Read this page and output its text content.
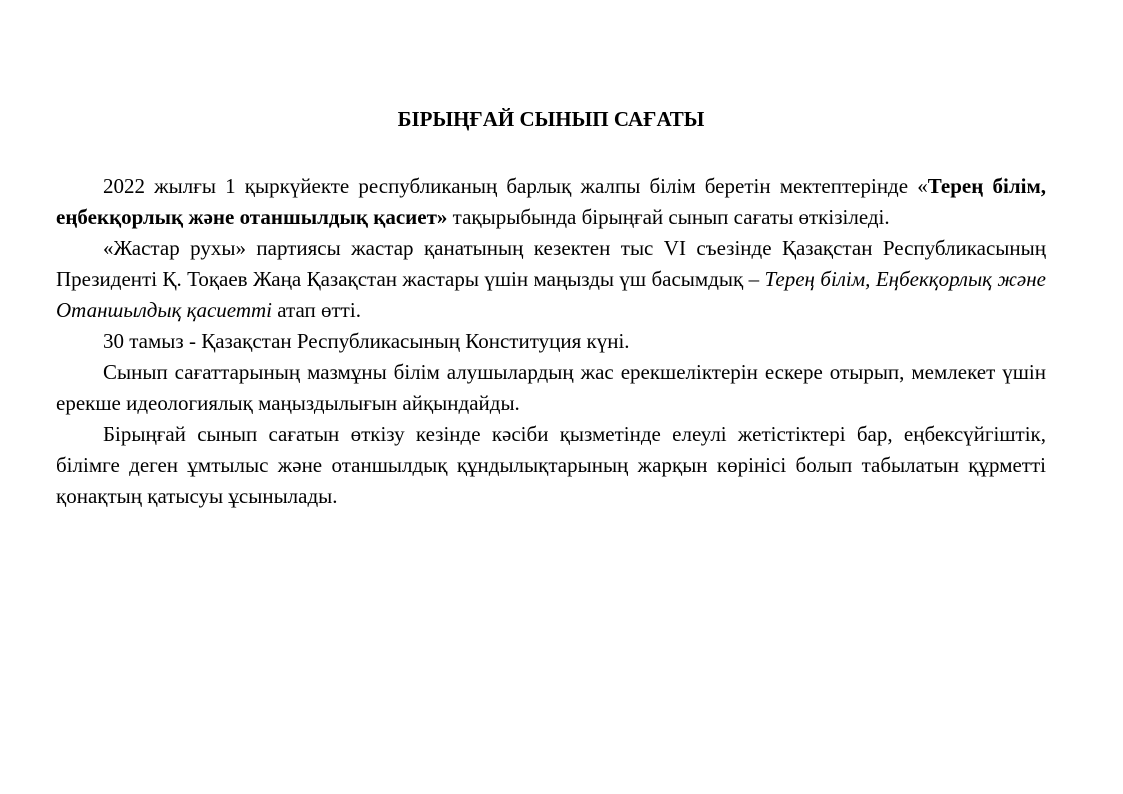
БІРЫҢҒАЙ СЫНЫП САҒАТЫ

2022 жылғы 1 қыркүйекте республиканың барлық жалпы білім беретін мектептерінде «Терең білім, еңбекқорлық және отаншылдық қасиет» тақырыбында бірыңғай сынып сағаты өткізіледі.

«Жастар рухы» партиясы жастар қанатының кезектен тыс VI съезінде Қазақстан Республикасының Президенті Қ. Тоқаев Жаңа Қазақстан жастары үшін маңызды үш басымдық – Терең білім, Еңбекқорлық және Отаншылдық қасиетті атап өтті.

30 тамыз - Қазақстан Республикасының Конституция күні.

Сынып сағаттарының мазмұны білім алушылардың жас ерекшеліктерін ескере отырып, мемлекет үшін ерекше идеологиялық маңыздылығын айқындайды.

Бірыңғай сынып сағатын өткізу кезінде кәсіби қызметінде елеулі жетістіктері бар, еңбексүйгіштік, білімге деген ұмтылыс және отаншылдық құндылықтарының жарқын көрінісі болып табылатын құрметті қонақтың қатысуы ұсынылады.
